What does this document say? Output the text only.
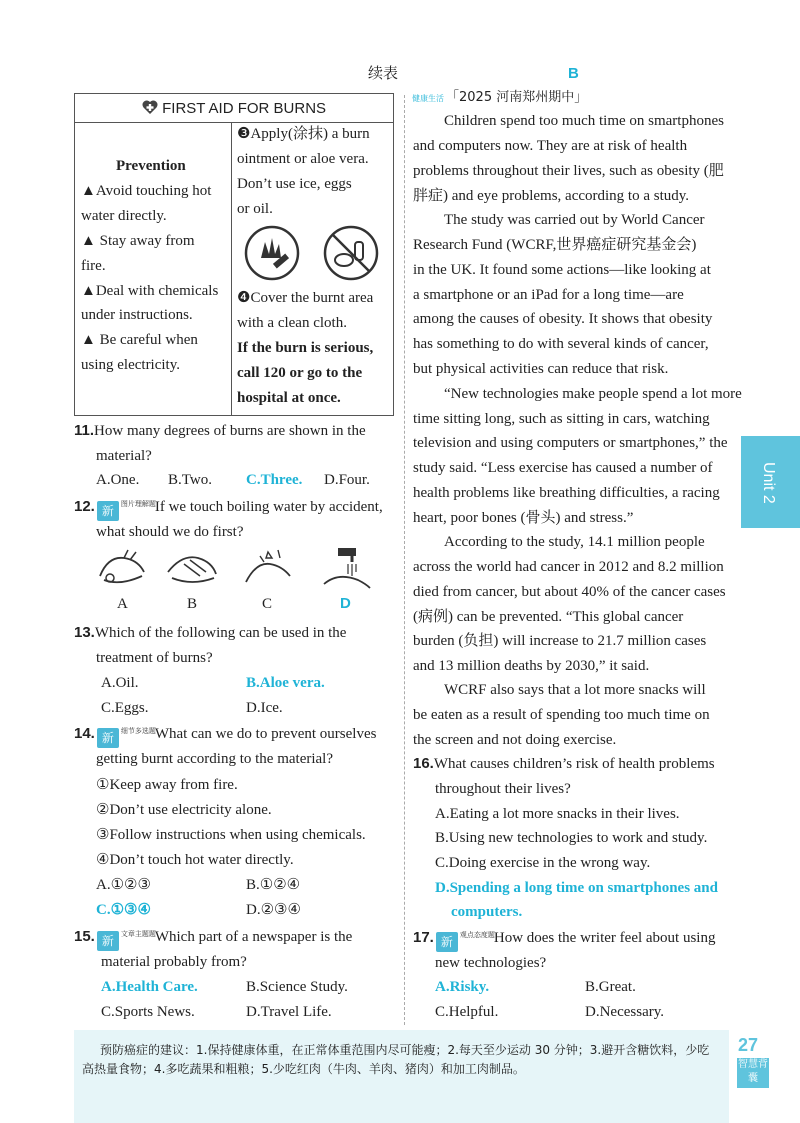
续表	B
FIRST AID FOR BURNS

Prevention
▲Avoid touching hot
water directly.
▲ Stay away from
fire.
▲Deal with chemicals
under instructions.
▲ Be careful when
using electricity.
❸Apply(涂抹) a burn
ointment or aloe vera.
Don’t use ice, eggs
or oil.
❹Cover the burnt area
with a clean cloth.
If the burn is serious,
call 120 or go to the
hospital at once.
11.How many degrees of burns are shown in the
material?
A.One. B.Two. C.Three. D.Four.
12. 新 图片理解题 If we touch boiling water by accident,
what should we do first?
A	B	C	D
13.Which of the following can be used in the
treatment of burns?
A.Oil.	B.Aloe vera.
C.Eggs.	D.Ice.
14. 新 细节多选题 What can we do to prevent ourselves
getting burnt according to the material?
①Keep away from fire.
②Don’t use electricity alone.
③Follow instructions when using chemicals.
④Don’t touch hot water directly.
A.①②③	B.①②④
C.①③④	D.②③④
15. 新 文章主题题 Which part of a newspaper is the
material probably from?
A.Health Care.	B.Science Study.
C.Sports News.	D.Travel Life.
健康生活 「2025 河南郑州期中」
Children spend too much time on smartphones
and computers now. They are at risk of health
problems throughout their lives, such as obesity (肥
胖症) and eye problems, according to a study.
The study was carried out by World Cancer
Research Fund (WCRF,世界癌症研究基金会)
in the UK. It found some actions—like looking at
a smartphone or an iPad for a long time—are
among the causes of obesity. It shows that obesity
has something to do with several kinds of cancer,
but physical activities can reduce that risk.
“New technologies make people spend a lot more
time sitting long, such as sitting in cars, watching
television and using computers or smartphones,” the
study said. “Less exercise has caused a number of
health problems like breathing difficulties, a racing
heart, poor bones (骨头) and stress.”
According to the study, 14.1 million people
across the world had cancer in 2012 and 8.2 million
died from cancer, but about 40% of the cancer cases
(病例) can be prevented. “This global cancer
burden (负担) will increase to 21.7 million cases
and 13 million deaths by 2030,” it said.
WCRF also says that a lot more snacks will
be eaten as a result of spending too much time on
the screen and not doing exercise.
16.What causes children’s risk of health problems
throughout their lives?
A.Eating a lot more snacks in their lives.
B.Using new technologies to work and study.
C.Doing exercise in the wrong way.
D.Spending a long time on smartphones and
computers.
17. 新 观点态度题 How does the writer feel about using
new technologies?
A.Risky.	B.Great.
C.Helpful.	D.Necessary.
Unit 2
预防癌症的建议：1.保持健康体重，在正常体重范围内尽可能瘦；2.每天至少运动 30 分钟；3.避开含糖饮料，少吃
高热量食物；4.多吃蔬果和粗粮；5.少吃红肉（牛肉、羊肉、猪肉）和加工肉制品。
27
智慧背囊
